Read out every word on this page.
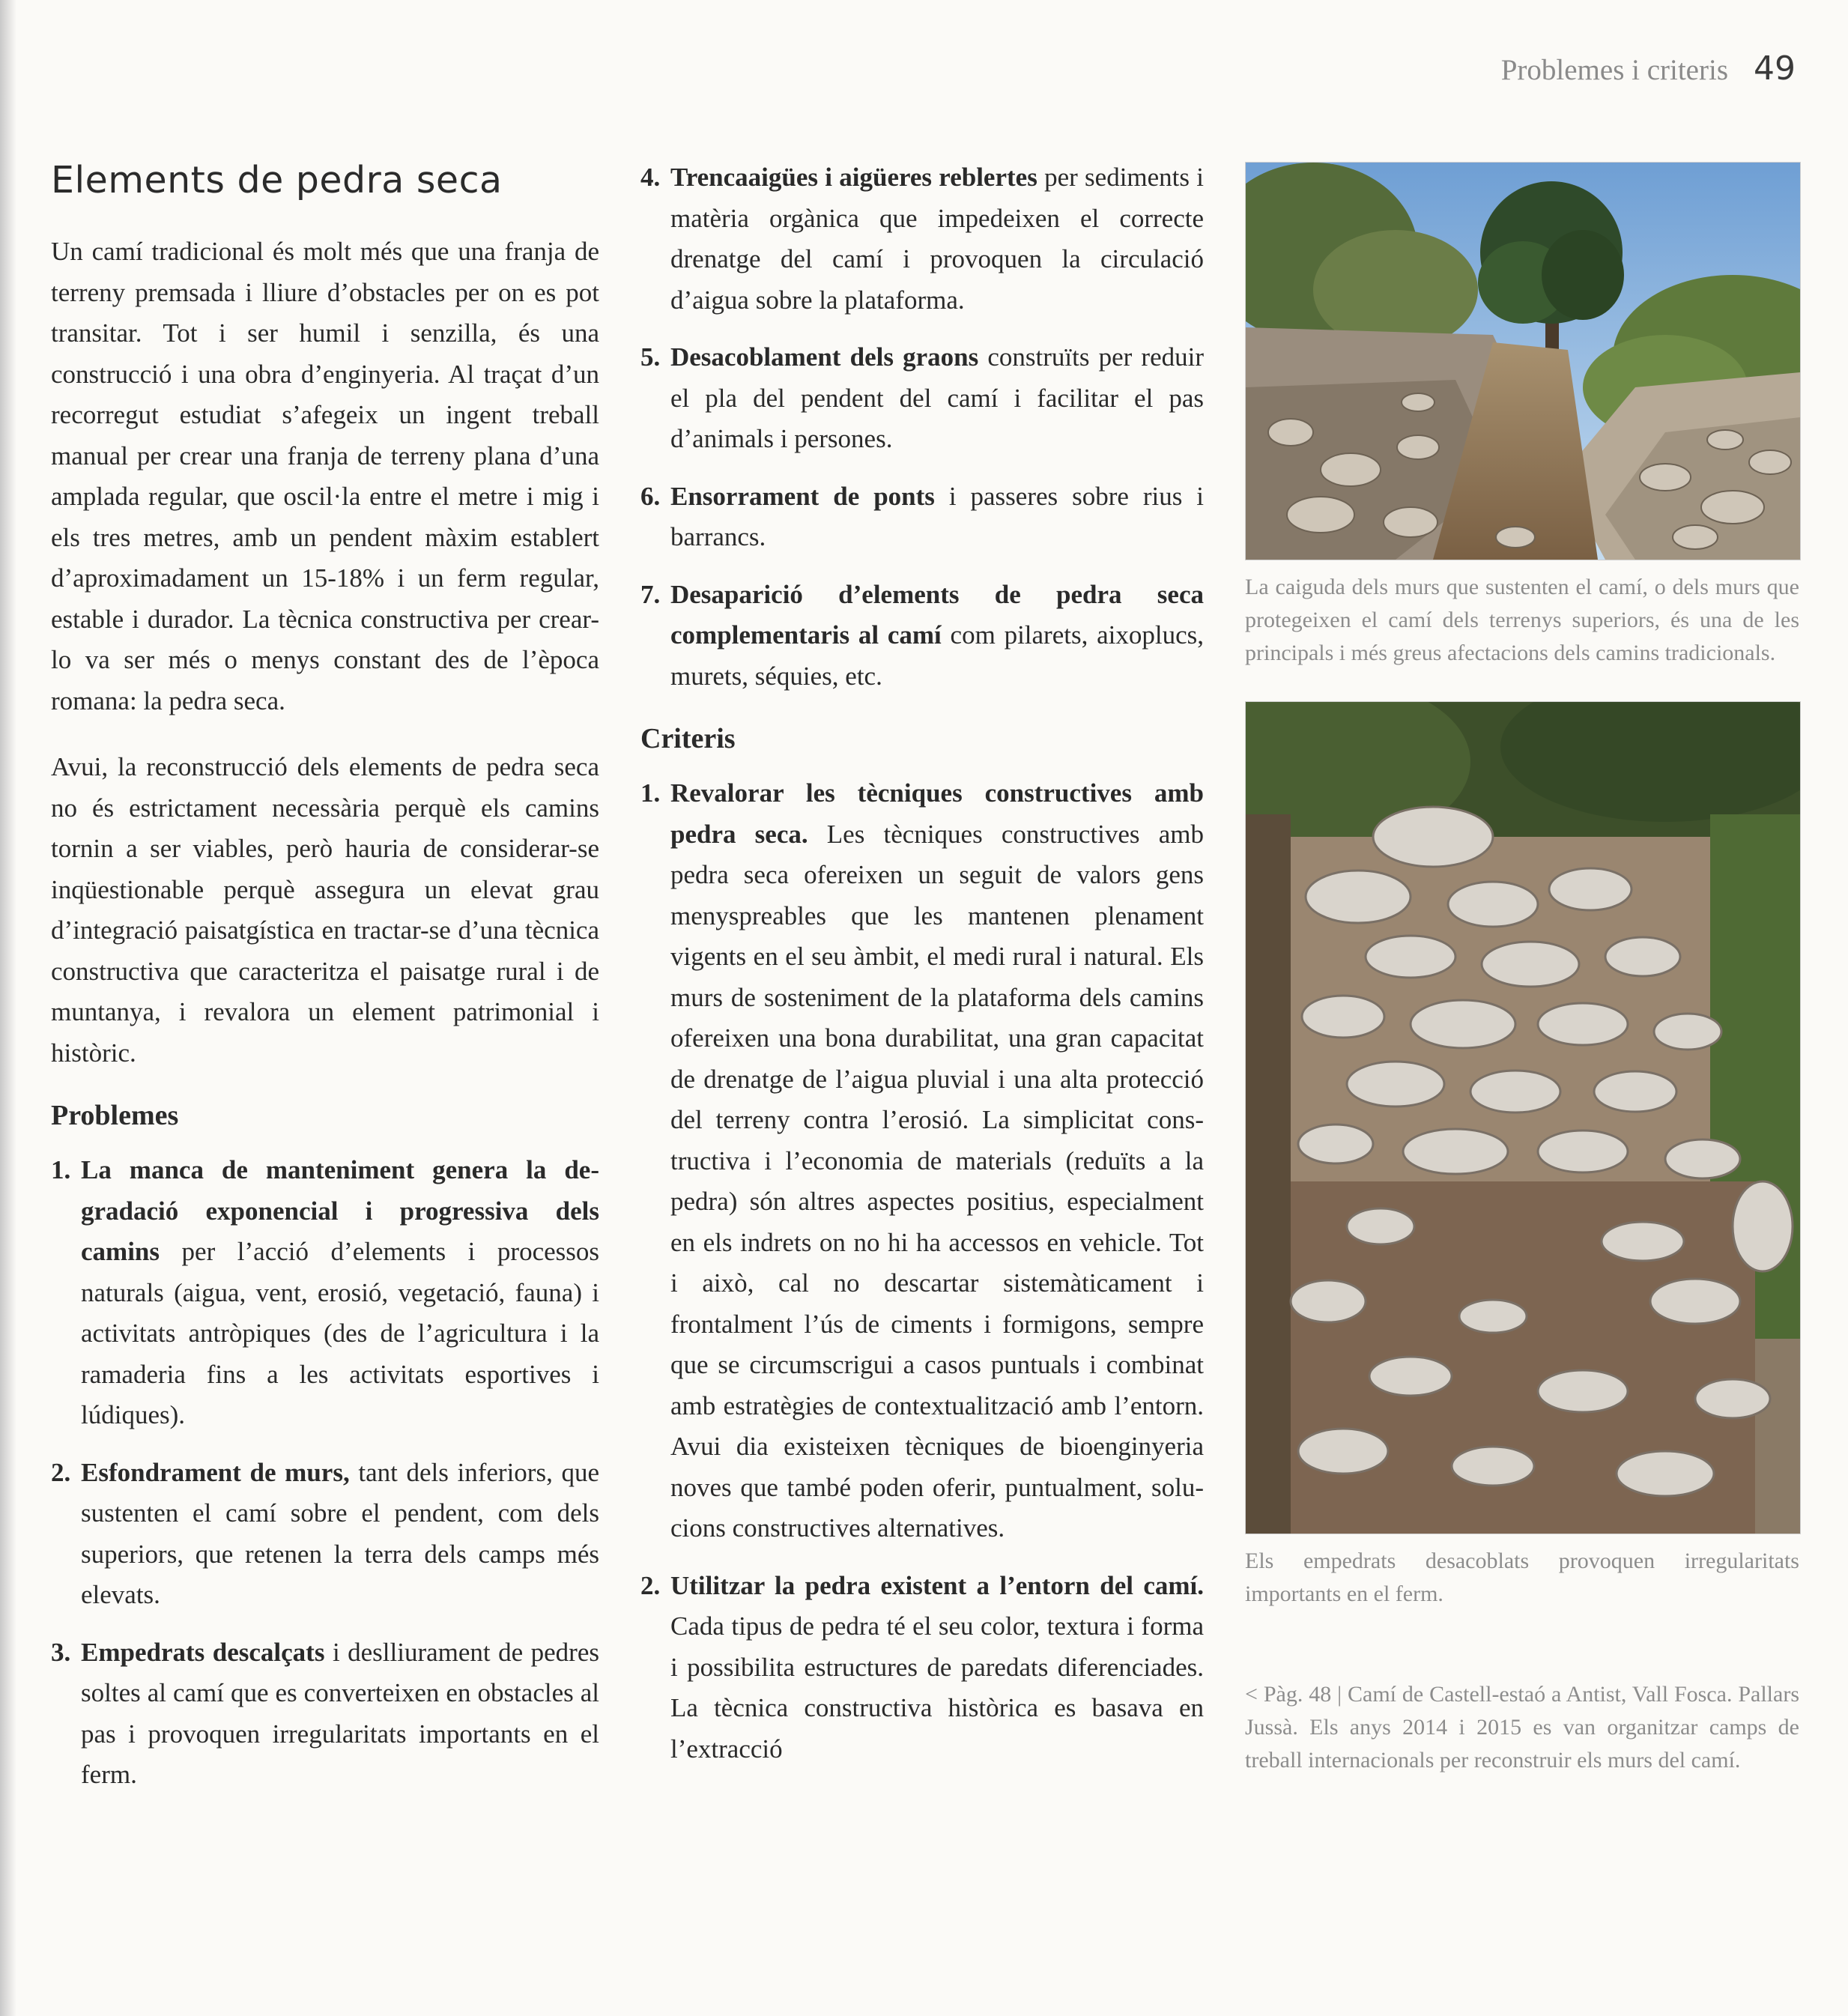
Problemes i criteris 49
Elements de pedra seca

Un camí tradicional és molt més que una franja de terreny premsada i lliure d’obstacles per on es pot transitar. Tot i ser humil i senzilla, és una construcció i una obra d’enginyeria. Al traçat d’un recorregut estudiat s’afegeix un ingent treball manual per crear una franja de terreny plana d’una amplada regular, que oscil·la entre el metre i mig i els tres metres, amb un pendent màxim establert d’aproximadament un 15-18% i un ferm regular, estable i durador. La tècnica constructiva per crear-lo va ser més o menys constant des de l’època romana: la pedra seca.

Avui, la reconstrucció dels elements de pedra seca no és estrictament necessària perquè els camins tornin a ser viables, però hauria de considerar-se inqüestionable perquè assegura un elevat grau d’integració paisatgística en tractar-se d’una tècnica constructiva que caracteritza el paisatge rural i de muntanya, i revalora un element patrimonial i històric.

Problemes
1. La manca de manteniment genera la degradació exponencial i progressiva dels camins per l’acció d’elements i processos naturals (aigua, vent, erosió, vegetació, fauna) i activitats antròpiques (des de l’agricultura i la ramaderia fins a les activitats esportives i lúdiques).
2. Esfondrament de murs, tant dels inferiors, que sustenten el camí sobre el pendent, com dels superiors, que retenen la terra dels camps més elevats.
3. Empedrats descalçats i deslliurament de pedres soltes al camí que es converteixen en obstacles al pas i provoquen irregularitats importants en el ferm.
4. Trencaaigües i aigüeres reblertes per sediments i matèria orgànica que impedeixen el correcte drenatge del camí i provoquen la circulació d’aigua sobre la plataforma.
5. Desacoblament dels graons construïts per reduir el pla del pendent del camí i facilitar el pas d’animals i persones.
6. Ensorrament de ponts i passeres sobre rius i barrancs.
7. Desaparició d’elements de pedra seca complementaris al camí com pilarets, aixoplucs, murets, séquies, etc.
Criteris
1. Revalorar les tècniques constructives amb pedra seca. Les tècniques constructives amb pedra seca ofereixen un seguit de valors gens menyspreables que les mantenen plenament vigents en el seu àmbit, el medi rural i natural. Els murs de sosteniment de la plataforma dels camins ofereixen una bona durabilitat, una gran capacitat de drenatge de l’aigua pluvial i una alta protecció del terreny contra l’erosió. La simplicitat constructiva i l’economia de materials (reduïts a la pedra) són altres aspectes positius, especialment en els indrets on no hi ha accessos en vehicle. Tot i això, cal no descartar sistemàticament i frontalment l’ús de ciments i formigons, sempre que se circumscrigui a casos puntuals i combinat amb estratègies de contextualització amb l’entorn. Avui dia existeixen tècniques de bioenginyeria noves que també poden oferir, puntualment, solucions constructives alternatives.
2. Utilitzar la pedra existent a l’entorn del camí. Cada tipus de pedra té el seu color, textura i forma i possibilita estructures de paredats diferenciades. La tècnica constructiva històrica es basava en l’extracció

La caiguda dels murs que sustenten el camí, o dels murs que protegeixen el camí dels terrenys superiors, és una de les principals i més greus afectacions dels camins tradicionals.

Els empedrats desacoblats provoquen irregularitats importants en el ferm.

< Pàg. 48 | Camí de Castell-estaó a Antist, Vall Fosca. Pallars Jussà. Els anys 2014 i 2015 es van organitzar camps de treball internacionals per reconstruir els murs del camí.
